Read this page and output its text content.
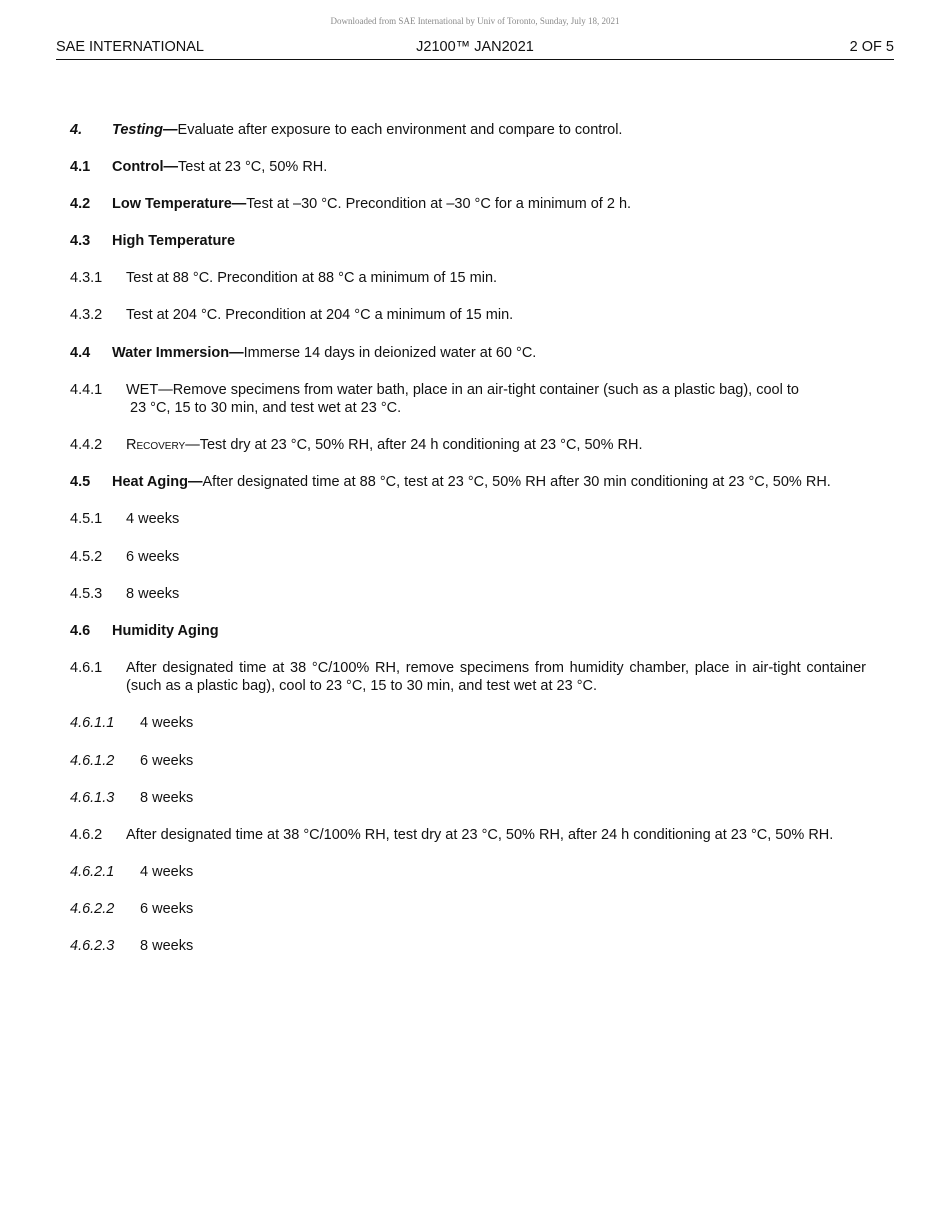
Downloaded from SAE International by Univ of Toronto, Sunday, July 18, 2021
SAE INTERNATIONAL	J2100™ JAN2021	2 OF 5
4. Testing—Evaluate after exposure to each environment and compare to control.
4.1 Control—Test at 23 °C, 50% RH.
4.2 Low Temperature—Test at –30 °C. Precondition at –30 °C for a minimum of 2 h.
4.3 High Temperature
4.3.1 Test at 88 °C. Precondition at 88 °C a minimum of 15 min.
4.3.2 Test at 204 °C. Precondition at 204 °C a minimum of 15 min.
4.4 Water Immersion—Immerse 14 days in deionized water at 60 °C.
4.4.1 WET—Remove specimens from water bath, place in an air-tight container (such as a plastic bag), cool to
23 °C, 15 to 30 min, and test wet at 23 °C.
4.4.2 Recovery—Test dry at 23 °C, 50% RH, after 24 h conditioning at 23 °C, 50% RH.
4.5 Heat Aging—After designated time at 88 °C, test at 23 °C, 50% RH after 30 min conditioning at 23 °C, 50% RH.
4.5.1 4 weeks
4.5.2 6 weeks
4.5.3 8 weeks
4.6 Humidity Aging
4.6.1 After designated time at 38 °C/100% RH, remove specimens from humidity chamber, place in air-tight container (such as a plastic bag), cool to 23 °C, 15 to 30 min, and test wet at 23 °C.
4.6.1.1 4 weeks
4.6.1.2 6 weeks
4.6.1.3 8 weeks
4.6.2 After designated time at 38 °C/100% RH, test dry at 23 °C, 50% RH, after 24 h conditioning at 23 °C, 50% RH.
4.6.2.1 4 weeks
4.6.2.2 6 weeks
4.6.2.3 8 weeks
